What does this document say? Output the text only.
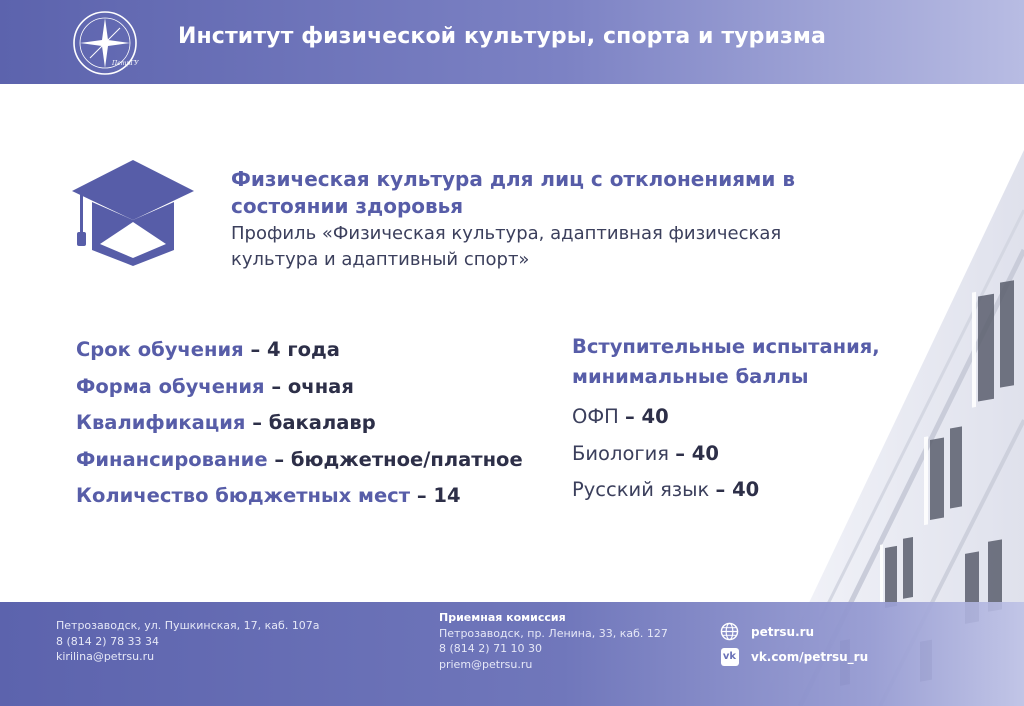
ПетрГУ
Институт физической культуры, спорта и туризма
Физическая культура для лиц с отклонениями в состоянии здоровья
Профиль «Физическая культура, адаптивная физическая культура и адаптивный спорт»
Срок обучения – 4 года
Форма обучения – очная
Квалификация – бакалавр
Финансирование – бюджетное/платное
Количество бюджетных мест – 14
Вступительные испытания, минимальные баллы
ОФП – 40
Биология – 40
Русский язык – 40
Петрозаводск, ул. Пушкинская, 17, каб. 107а
8 (814 2) 78 33 34
kirilina@petrsu.ru
Приемная комиссия
Петрозаводск, пр. Ленина, 33, каб. 127
8 (814 2) 71 10 30
priem@petrsu.ru
petrsu.ru
vk vk.com/petrsu_ru
